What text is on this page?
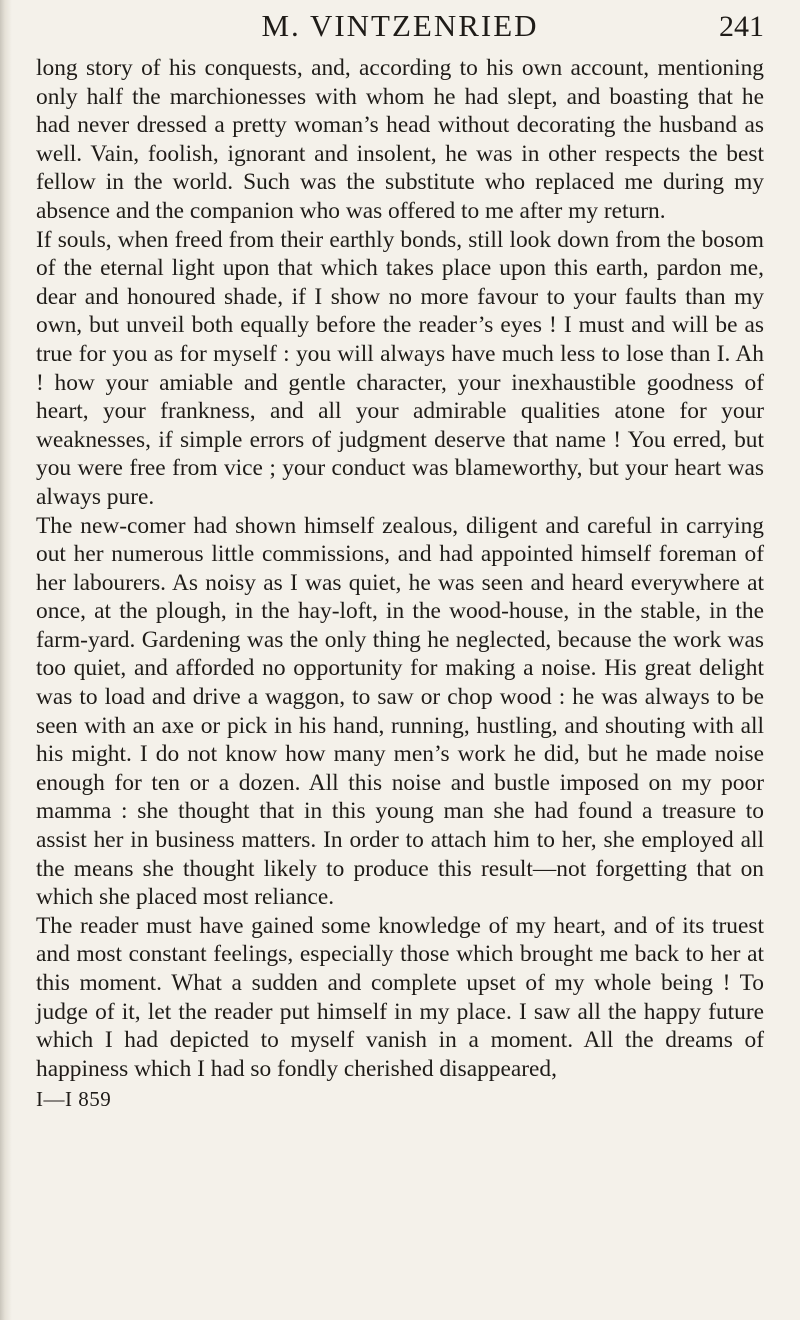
M. VINTZENRIED	241

long story of his conquests, and, according to his own account, mentioning only half the marchionesses with whom he had slept, and boasting that he had never dressed a pretty woman’s head without decorating the husband as well. Vain, foolish, ignorant and insolent, he was in other respects the best fellow in the world. Such was the substitute who replaced me during my absence and the companion who was offered to me after my return.

If souls, when freed from their earthly bonds, still look down from the bosom of the eternal light upon that which takes place upon this earth, pardon me, dear and honoured shade, if I show no more favour to your faults than my own, but unveil both equally before the reader’s eyes ! I must and will be as true for you as for myself : you will always have much less to lose than I. Ah ! how your amiable and gentle character, your inexhaustible goodness of heart, your frankness, and all your admirable qualities atone for your weaknesses, if simple errors of judgment deserve that name ! You erred, but you were free from vice ; your conduct was blameworthy, but your heart was always pure.

The new-comer had shown himself zealous, diligent and careful in carrying out her numerous little commissions, and had appointed himself foreman of her labourers. As noisy as I was quiet, he was seen and heard everywhere at once, at the plough, in the hay-loft, in the wood-house, in the stable, in the farm-yard. Gardening was the only thing he neglected, because the work was too quiet, and afforded no opportunity for making a noise. His great delight was to load and drive a waggon, to saw or chop wood : he was always to be seen with an axe or pick in his hand, running, hustling, and shouting with all his might. I do not know how many men’s work he did, but he made noise enough for ten or a dozen. All this noise and bustle imposed on my poor mamma : she thought that in this young man she had found a treasure to assist her in business matters. In order to attach him to her, she employed all the means she thought likely to produce this result—not forgetting that on which she placed most reliance.

The reader must have gained some knowledge of my heart, and of its truest and most constant feelings, especially those which brought me back to her at this moment. What a sudden and complete upset of my whole being ! To judge of it, let the reader put himself in my place. I saw all the happy future which I had depicted to myself vanish in a moment. All the dreams of happiness which I had so fondly cherished disappeared,

I—I 859
